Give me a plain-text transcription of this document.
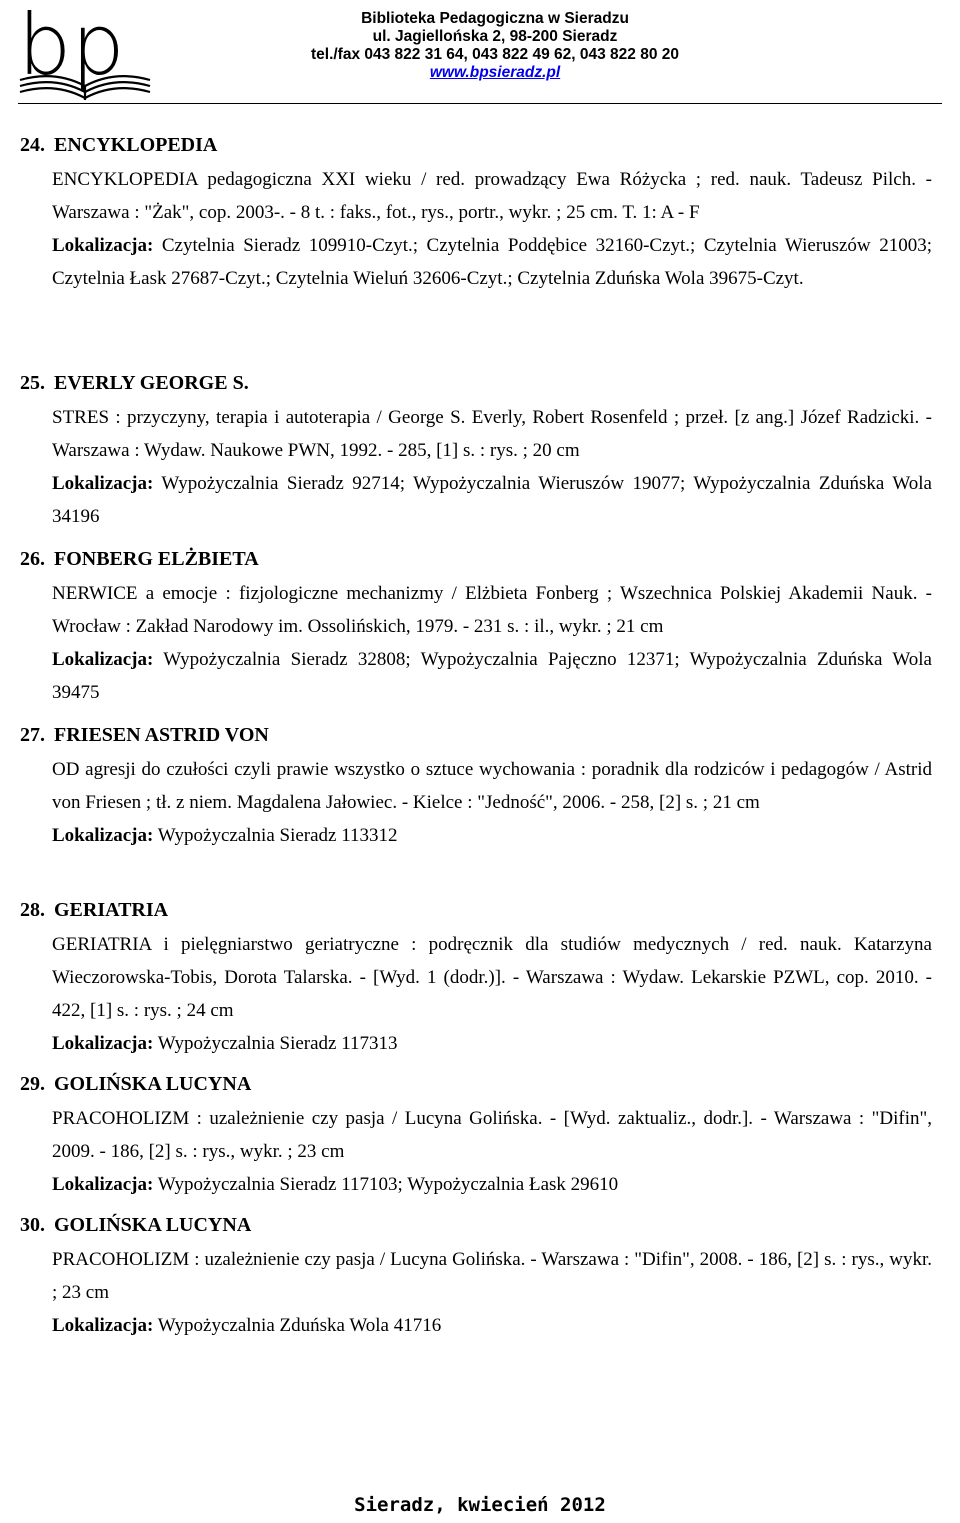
bp	Biblioteka Pedagogiczna w Sieradzu
ul. Jagiellońska 2, 98-200 Sieradz
tel./fax 043 822 31 64, 043 822 49 62, 043 822 80 20
www.bpsieradz.pl
24. ENCYKLOPEDIA
ENCYKLOPEDIA pedagogiczna XXI wieku / red. prowadzący Ewa Różycka ; red. nauk. Tadeusz Pilch. - Warszawa : "Żak", cop. 2003-. - 8 t. : faks., fot., rys., portr., wykr. ; 25 cm. T. 1: A - F
Lokalizacja: Czytelnia Sieradz 109910-Czyt.; Czytelnia Poddębice 32160-Czyt.; Czytelnia Wieruszów 21003; Czytelnia Łask 27687-Czyt.; Czytelnia Wieluń 32606-Czyt.; Czytelnia Zduńska Wola 39675-Czyt.
25. EVERLY GEORGE S.
STRES : przyczyny, terapia i autoterapia / George S. Everly, Robert Rosenfeld ; przeł. [z ang.] Józef Radzicki. - Warszawa : Wydaw. Naukowe PWN, 1992. - 285, [1] s. : rys. ; 20 cm
Lokalizacja: Wypożyczalnia Sieradz 92714; Wypożyczalnia Wieruszów 19077; Wypożyczalnia Zduńska Wola 34196
26. FONBERG ELŻBIETA
NERWICE a emocje : fizjologiczne mechanizmy / Elżbieta Fonberg ; Wszechnica Polskiej Akademii Nauk. - Wrocław : Zakład Narodowy im. Ossolińskich, 1979. - 231 s. : il., wykr. ; 21 cm
Lokalizacja: Wypożyczalnia Sieradz 32808; Wypożyczalnia Pajęczno 12371; Wypożyczalnia Zduńska Wola 39475
27. FRIESEN ASTRID VON
OD agresji do czułości czyli prawie wszystko o sztuce wychowania : poradnik dla rodziców i pedagogów / Astrid von Friesen ; tł. z niem. Magdalena Jałowiec. - Kielce : "Jedność", 2006. - 258, [2] s. ; 21 cm
Lokalizacja: Wypożyczalnia Sieradz 113312
28. GERIATRIA
GERIATRIA i pielęgniarstwo geriatryczne : podręcznik dla studiów medycznych / red. nauk. Katarzyna Wieczorowska-Tobis, Dorota Talarska. - [Wyd. 1 (dodr.)]. - Warszawa : Wydaw. Lekarskie PZWL, cop. 2010. - 422, [1] s. : rys. ; 24 cm
Lokalizacja: Wypożyczalnia Sieradz 117313
29. GOLIŃSKA LUCYNA
PRACOHOLIZM : uzależnienie czy pasja / Lucyna Golińska. - [Wyd. zaktualiz., dodr.]. - Warszawa : "Difin", 2009. - 186, [2] s. : rys., wykr. ; 23 cm
Lokalizacja: Wypożyczalnia Sieradz 117103; Wypożyczalnia Łask 29610
30. GOLIŃSKA LUCYNA
PRACOHOLIZM : uzależnienie czy pasja / Lucyna Golińska. - Warszawa : "Difin", 2008. - 186, [2] s. : rys., wykr. ; 23 cm
Lokalizacja: Wypożyczalnia Zduńska Wola 41716
Sieradz, kwiecień 2012
